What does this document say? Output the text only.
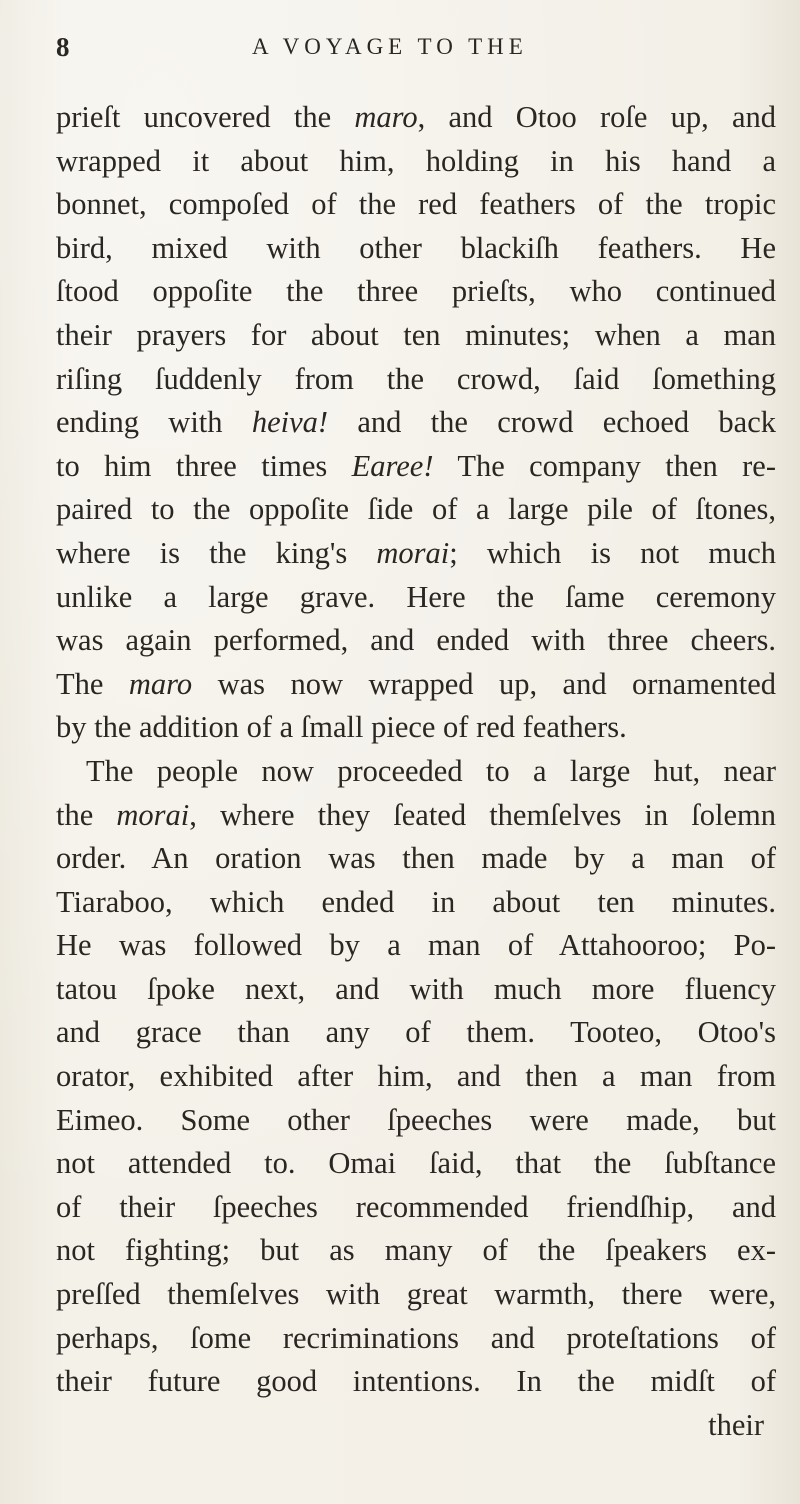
8	A VOYAGE TO THE
prieſt uncovered the maro, and Otoo roſe up, and
wrapped it about him, holding in his hand a
bonnet, compoſed of the red feathers of the tropic
bird, mixed with other blackiſh feathers. He
ſtood oppoſite the three prieſts, who continued
their prayers for about ten minutes; when a man
riſing ſuddenly from the crowd, ſaid ſomething
ending with heiva! and the crowd echoed back
to him three times Earee! The company then re-
paired to the oppoſite ſide of a large pile of ſtones,
where is the king's morai; which is not much
unlike a large grave. Here the ſame ceremony
was again performed, and ended with three cheers.
The maro was now wrapped up, and ornamented
by the addition of a ſmall piece of red feathers.
The people now proceeded to a large hut, near
the morai, where they ſeated themſelves in ſolemn
order. An oration was then made by a man of
Tiaraboo, which ended in about ten minutes.
He was followed by a man of Attahooroo; Po-
tatou ſpoke next, and with much more fluency
and grace than any of them. Tooteo, Otoo's
orator, exhibited after him, and then a man from
Eimeo. Some other ſpeeches were made, but
not attended to. Omai ſaid, that the ſubſtance
of their ſpeeches recommended friendſhip, and
not fighting; but as many of the ſpeakers ex-
preſſed themſelves with great warmth, there were,
perhaps, ſome recriminations and proteſtations of
their future good intentions. In the midſt of
their
